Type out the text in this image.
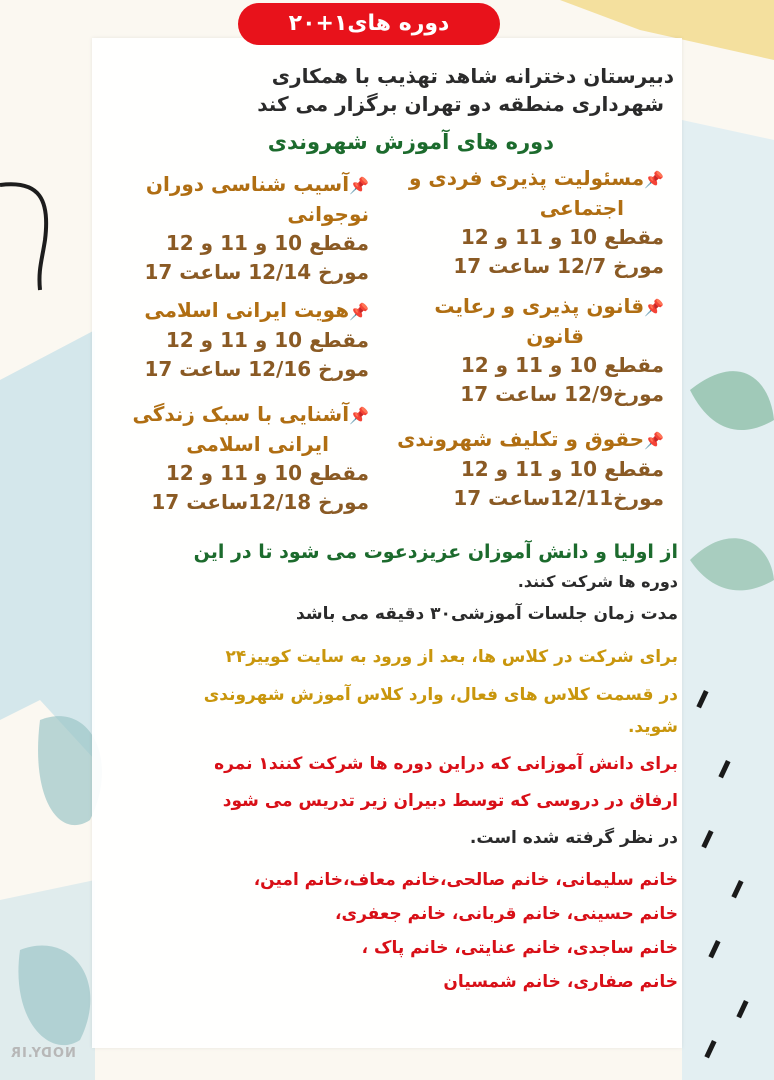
دوره های۱+۲۰
دبیرستان دخترانه شاهد تهذیب با همکاری
شهرداری منطقه دو تهران برگزار می کند
دوره های آموزش شهروندی
📌مسئولیت پذیری فردی و
اجتماعی
مقطع 10 و 11 و 12
مورخ 12/7 ساعت 17
📌آسیب شناسی دوران
نوجوانی
مقطع 10 و 11 و 12
مورخ 12/14 ساعت 17
📌قانون پذیری و رعایت
قانون
مقطع 10 و 11 و 12
مورخ12/9 ساعت 17
📌هویت ایرانی اسلامی
مقطع 10 و 11 و 12
مورخ 12/16 ساعت 17
📌حقوق و تکلیف شهروندی
مقطع 10 و 11 و 12
مورخ12/11ساعت 17
📌آشنایی با سبک زندگی
ایرانی اسلامی
مقطع 10 و 11 و 12
مورخ 12/18ساعت 17
از اولیا و دانش آموزان عزیزدعوت می شود تا در این
دوره ها شرکت کنند.
مدت زمان جلسات آموزشی۳۰ دقیقه می باشد
برای شرکت در کلاس ها، بعد از ورود به سایت کوییز۲۴
در قسمت کلاس های فعال، وارد کلاس آموزش شهروندی
شوید.
برای دانش آموزانی که دراین دوره ها شرکت کنند۱ نمره
ارفاق در دروسی که توسط دبیران زیر تدریس می شود
در نظر گرفته شده است.
خانم سلیمانی، خانم صالحی،خانم معاف،خانم امین،
خانم حسینی، خانم قربانی، خانم جعفری،
خانم ساجدی، خانم عنایتی، خانم پاک ،
خانم صفاری، خانم شمسیان
NODY.IR
